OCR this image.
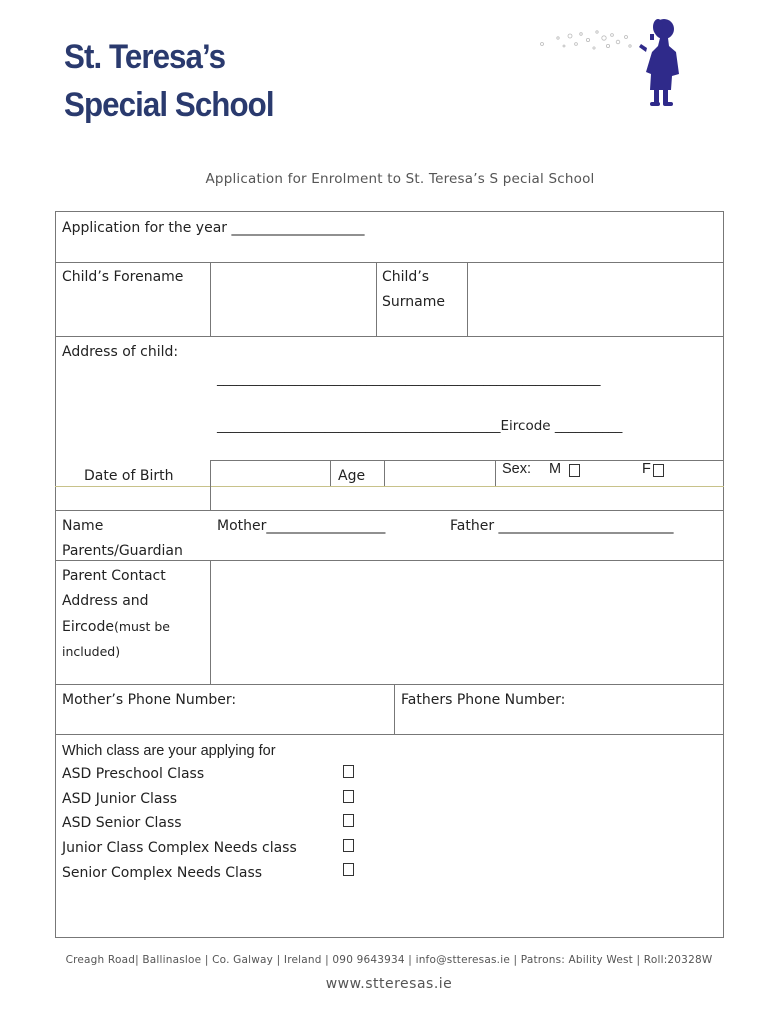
St. Teresa’s
Special School
Application for Enrolment to St. Teresa’s S pecial School
Application for the year ___________________
Child’s Forename	Child’s
Surname
Address of child:
___________________________________________________________
__________________________________________Eircode __________
Date of Birth	Age	Sex: M	F
Name
Parents/Guardian
Mother_________________	Father _________________________
Parent Contact
Address and
Eircode(must be
included)
Mother’s Phone Number:	Fathers Phone Number:
Which class are your applying for
ASD Preschool Class
ASD Junior Class
ASD Senior Class
Junior Class Complex Needs class
Senior Complex Needs Class
Creagh Road| Ballinasloe | Co. Galway | Ireland | 090 9643934 | info@stteresas.ie | Patrons: Ability West | Roll:20328W
www.stteresas.ie
